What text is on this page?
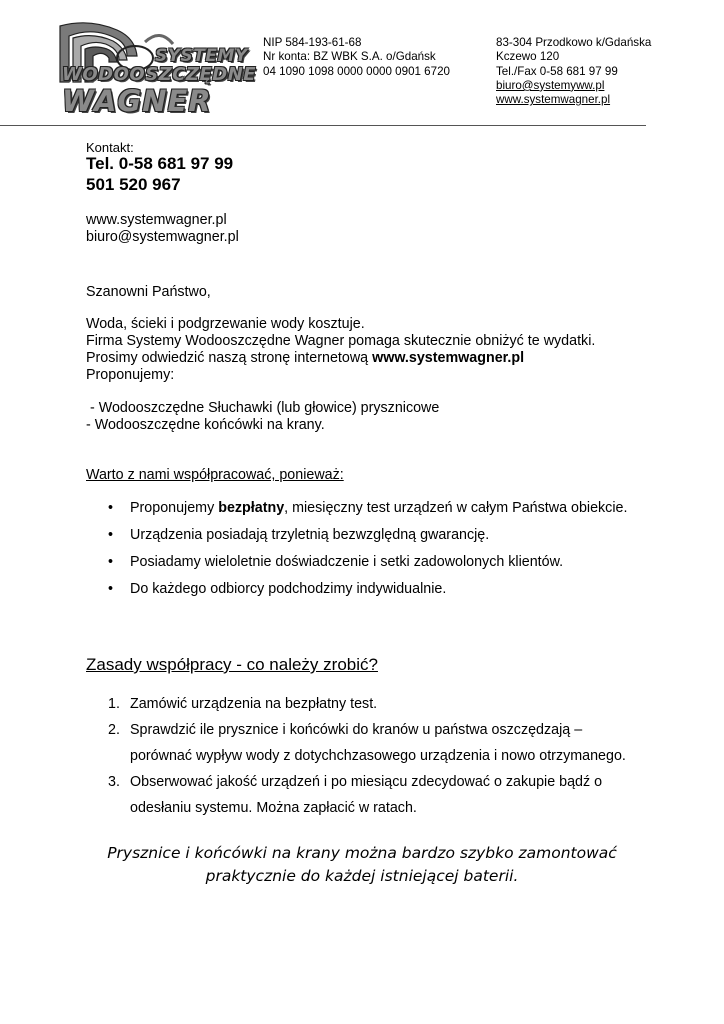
SYSTEMY
WODOOSZCZĘDNE
WAGNER
NIP 584-193-61-68
Nr konta: BZ WBK S.A. o/Gdańsk
04 1090 1098 0000 0000 0901 6720
83-304 Przodkowo k/Gdańska
Kczewo 120
Tel./Fax 0-58 681 97 99
biuro@systemyww.pl
www.systemwagner.pl
Kontakt:
Tel. 0-58 681 97 99
501 520 967
www.systemwagner.pl
biuro@systemwagner.pl
Szanowni Państwo,
Woda, ścieki i podgrzewanie wody kosztuje.
Firma Systemy Wodooszczędne Wagner pomaga skutecznie obniżyć te wydatki.
Prosimy odwiedzić naszą stronę internetową www.systemwagner.pl
Proponujemy:
- Wodooszczędne Słuchawki (lub głowice) prysznicowe
- Wodooszczędne końcówki na krany.
Warto z nami współpracować, ponieważ:
• Proponujemy bezpłatny, miesięczny test urządzeń w całym Państwa obiekcie.
• Urządzenia posiadają trzyletnią bezwzględną gwarancję.
• Posiadamy wieloletnie doświadczenie i setki zadowolonych klientów.
• Do każdego odbiorcy podchodzimy indywidualnie.
Zasady współpracy - co należy zrobić?
1. Zamówić urządzenia na bezpłatny test.
2. Sprawdzić ile prysznice i końcówki do kranów u państwa oszczędzają –
porównać wypływ wody z dotychchzasowego urządzenia i nowo otrzymanego.
3. Obserwować jakość urządzeń i po miesiącu zdecydować o zakupie bądź o
odesłaniu systemu. Można zapłacić w ratach.
Prysznice i końcówki na krany można bardzo szybko zamontować
praktycznie do każdej istniejącej baterii.
